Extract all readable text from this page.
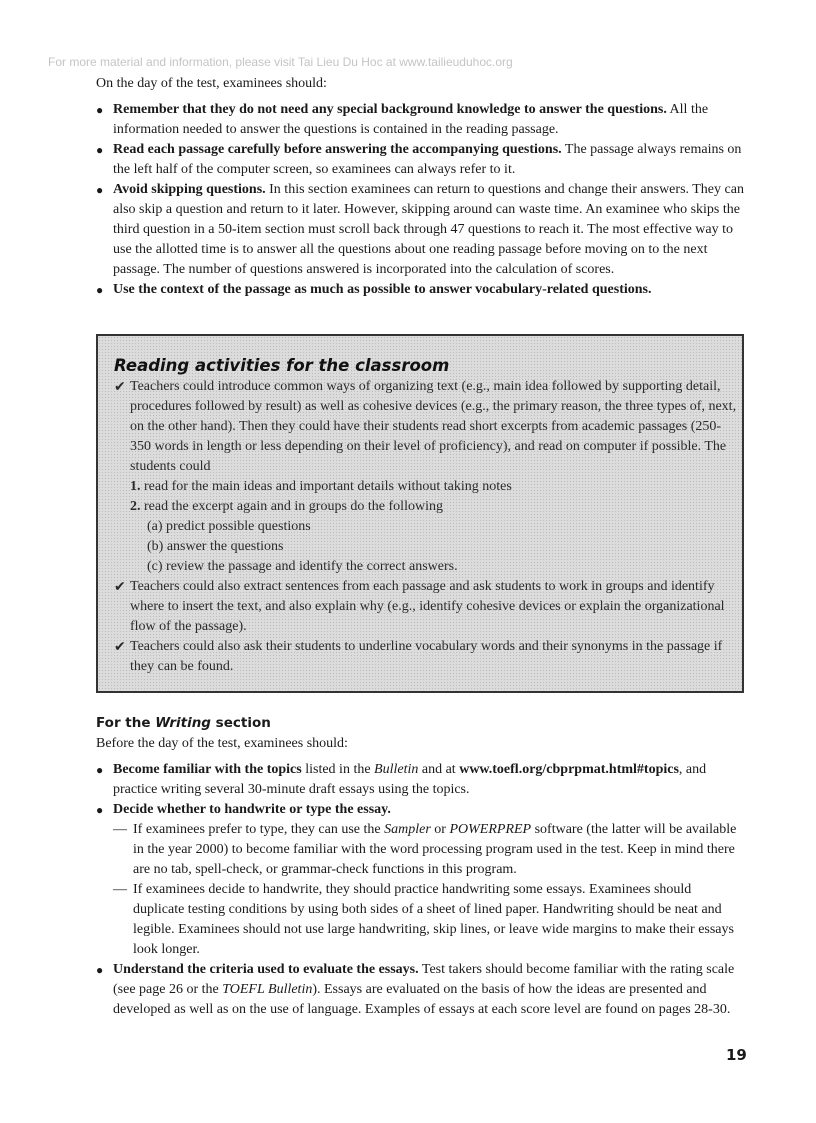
For more material and information, please visit Tai Lieu Du Hoc at www.tailieuduhoc.org
On the day of the test, examinees should:
● Remember that they do not need any special background knowledge to answer the questions. All the information needed to answer the questions is contained in the reading passage.
● Read each passage carefully before answering the accompanying questions. The passage always remains on the left half of the computer screen, so examinees can always refer to it.
● Avoid skipping questions. In this section examinees can return to questions and change their answers. They can also skip a question and return to it later. However, skipping around can waste time. An examinee who skips the third question in a 50-item section must scroll back through 47 questions to reach it. The most effective way to use the allotted time is to answer all the questions about one reading passage before moving on to the next passage. The number of questions answered is incorporated into the calculation of scores.
● Use the context of the passage as much as possible to answer vocabulary-related questions.
Reading activities for the classroom
✔ Teachers could introduce common ways of organizing text (e.g., main idea followed by supporting detail, procedures followed by result) as well as cohesive devices (e.g., the primary reason, the three types of, next, on the other hand). Then they could have their students read short excerpts from academic passages (250-350 words in length or less depending on their level of proficiency), and read on computer if possible. The students could
1. read for the main ideas and important details without taking notes
2. read the excerpt again and in groups do the following
(a) predict possible questions
(b) answer the questions
(c) review the passage and identify the correct answers.
✔ Teachers could also extract sentences from each passage and ask students to work in groups and identify where to insert the text, and also explain why (e.g., identify cohesive devices or explain the organizational flow of the passage).
✔ Teachers could also ask their students to underline vocabulary words and their synonyms in the passage if they can be found.
For the Writing section
Before the day of the test, examinees should:
● Become familiar with the topics listed in the Bulletin and at www.toefl.org/cbprpmat.html#topics, and practice writing several 30-minute draft essays using the topics.
● Decide whether to handwrite or type the essay.
— If examinees prefer to type, they can use the Sampler or POWERPREP software (the latter will be available in the year 2000) to become familiar with the word processing program used in the test. Keep in mind there are no tab, spell-check, or grammar-check functions in this program.
— If examinees decide to handwrite, they should practice handwriting some essays. Examinees should duplicate testing conditions by using both sides of a sheet of lined paper. Handwriting should be neat and legible. Examinees should not use large handwriting, skip lines, or leave wide margins to make their essays look longer.
● Understand the criteria used to evaluate the essays. Test takers should become familiar with the rating scale (see page 26 or the TOEFL Bulletin). Essays are evaluated on the basis of how the ideas are presented and developed as well as on the use of language. Examples of essays at each score level are found on pages 28-30.
19
